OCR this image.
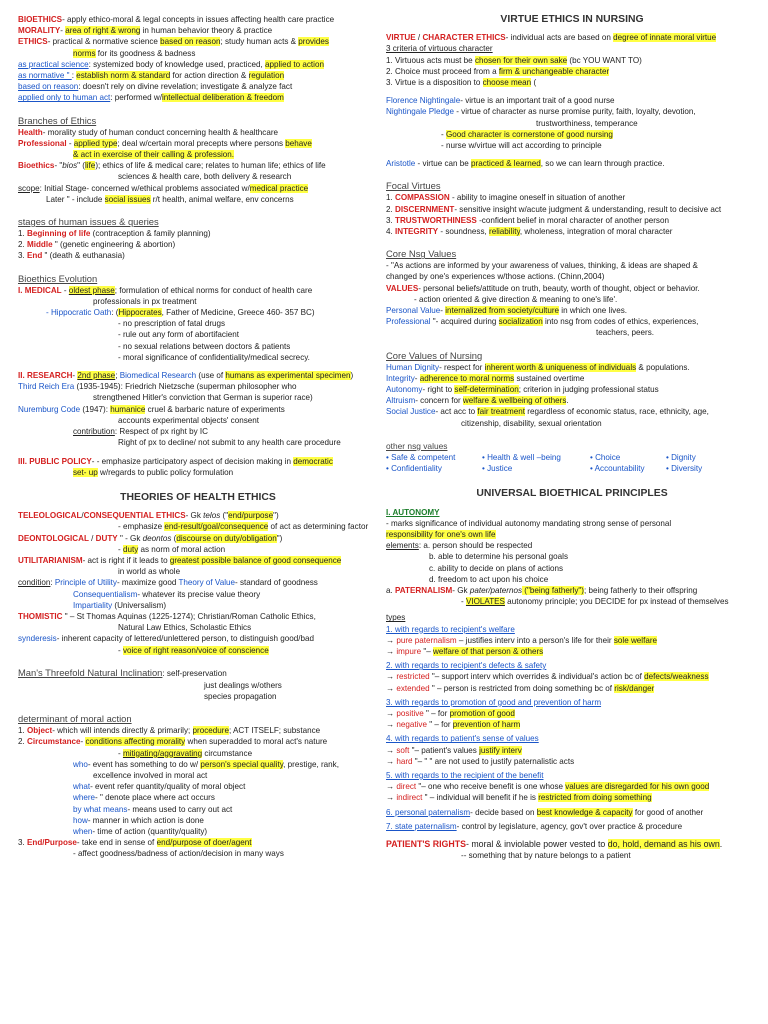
BIOETHICS- apply ethico-moral & legal concepts in issues affecting health care practice

MORALITY- area of right & wrong in human behavior theory & practice

ETHICS- practical & normative science based on reason; study human acts & provides

norms for its goodness & badness

as practical science: systemized body of knowledge used, practiced, applied to action

as normative " : establish norm & standard for action direction & regulation

based on reason: doesn't rely on divine revelation; investigate & analyze fact

applied only to human act: performed w/intellectual deliberation & freedom

Branches of Ethics

Health- morality study of human conduct concerning health & healthcare

Professional - applied type; deal w/certain moral precepts where persons behave

& act in exercise of their calling & profession.

Bioethics- "bios" (life); ethics of life & medical care; relates to human life; ethics of life

sciences & health care, both delivery & research

scope: Initial Stage- concerned w/ethical problems associated w/medical practice

Later " - include social issues r/t health, animal welfare, env concerns

stages of human issues & queries

1. Beginning of life (contraception & family planning)

2. Middle " (genetic engineering & abortion)

3. End " (death & euthanasia)

Bioethics Evolution

I. MEDICAL - oldest phase; formulation of ethical norms for conduct of health care

professionals in px treatment

- Hippocratic Oath: (Hippocrates, Father of Medicine, Greece 460- 357 BC)

- no prescription of fatal drugs

- rule out any form of abortifacient

- no sexual relations between doctors & patients

- moral significance of confidentiality/medical secrecy.

II. RESEARCH- 2nd phase; Biomedical Research (use of humans as experimental specimen)

Third Reich Era (1935-1945): Friedrich Nietzsche (superman philosopher who

strengthened Hitler's conviction that German is superior race)

Nuremburg Code (1947): humanice cruel & barbaric nature of experiments

accounts experimental objects' consent

contribution: Respect of px right by IC

Right of px to decline/ not submit to any health care procedure

III. PUBLIC POLICY- - emphasize participatory aspect of decision making in democratic

set- up w/regards to public policy formulation

THEORIES OF HEALTH ETHICS

TELEOLOGICAL/CONSEQUENTIAL ETHICS- Gk telos ("end/purpose")

- emphasize end-result/goal/consequence of act as determining factor

DEONTOLOGICAL / DUTY " - Gk deontos (discourse on duty/obligation")

- duty as norm of moral action

UTILITARIANISM- act is right if it leads to greatest possible balance of good consequence

in world as whole

condition: Principle of Utility- maximize good Theory of Value- standard of goodness

Consequentialism- whatever its precise value theory

Impartiality (Universalism)

THOMISTIC " – St Thomas Aquinas (1225-1274); Christian/Roman Catholic Ethics,

Natural Law Ethics, Scholastic Ethics

synderesis- inherent capacity of lettered/unlettered person, to distinguish good/bad

- voice of right reason/voice of conscience

Man's Threefold Natural Inclination: self-preservation

just dealings w/others

species propagation

determinant of moral action

1. Object- which will intends directly & primarily; procedure; ACT ITSELF; substance

2. Circumstance- conditions affecting morality when superadded to moral act's nature

- mitigating/aggravating circumstance

who- event has something to do w/ person's special quality, prestige, rank,

excellence involved in moral act

what- event refer quantity/quality of moral object

where- " denote place where act occurs

by what means- means used to carry out act

how- manner in which action is done

when- time of action (quantity/quality)

3. End/Purpose- take end in sense of end/purpose of doer/agent

- affect goodness/badness of action/decision in many ways

VIRTUE ETHICS IN NURSING

VIRTUE / CHARACTER ETHICS- individual acts are based on degree of innate moral virtue

3 criteria of virtuous character

1. Virtuous acts must be chosen for their own sake (bc YOU WANT TO)

2. Choice must proceed from a firm & unchangeable character

3. Virtue is a disposition to choose mean (

Florence Nightingale- virtue is an important trait of a good nurse

Nightingale Pledge - virtue of character as nurse promise purity, faith, loyalty, devotion,

trustworthiness, temperance

- Good character is cornerstone of good nursing

- nurse w/virtue will act according to principle

Aristotle - virtue can be practiced & learned, so we can learn through practice.

Focal Virtues

1. COMPASSION - ability to imagine oneself in situation of another

2. DISCERNMENT- sensitive insight w/acute judgment & understanding, result to decisive act

3. TRUSTWORTHINESS -confident belief in moral character of another person

4. INTEGRITY - soundness, reliability, wholeness, integration of moral character

Core Nsg Values

- "As actions are informed by your awareness of values, thinking, & ideas are shaped &

changed by one's experiences w/those actions. (Chinn,2004)

VALUES- personal beliefs/attitude on truth, beauty, worth of thought, object or behavior.

- action oriented & give direction & meaning to one's life'.

Personal Value- internalized from society/culture in which one lives.

Professional "- acquired during socialization into nsg from codes of ethics, experiences,

teachers, peers.

Core Values of Nursing

Human Dignity- respect for inherent worth & uniqueness of individuals & populations.

Integrity- adherence to moral norms sustained overtime

Autonomy- right to self-determination; criterion in judging professional status

Altruism- concern for welfare & wellbeing of others.

Social Justice- act acc to fair treatment regardless of economic status, race, ethnicity, age,

citizenship, disability, sexual orientation

other nsg values

• Safe & competent	• Health & well –being	• Choice	• Dignity
• Confidentiality	• Justice	• Accountability	• Diversity

UNIVERSAL BIOETHICAL PRINCIPLES

I. AUTONOMY

- marks significance of individual autonomy mandating strong sense of personal

responsibility for one's own life

elements: a. person should be respected

b. able to determine his personal goals

c. ability to decide on plans of actions

d. freedom to act upon his choice

a. PATERNALISM- Gk pater/paternos ("being fatherly"); being fatherly to their offspring

- VIOLATES autonomy principle; you DECIDE for px instead of themselves

types

1. with regards to recipient's welfare

→ pure paternalism – justifies interv into a person's life for their sole welfare

→ impure "– welfare of that person & others

2. with regards to recipient's defects & safety

→ restricted "– support interv which overrides & individual's action bc of defects/weakness

→ extended " – person is restricted from doing something bc of risk/danger

3. with regards to promotion of good and prevention of harm

→ positive " – for promotion of good

→ negative " – for prevention of harm

4. with regards to patient's sense of values

→ soft "– patient's values justify interv

→ hard "– " " are not used to justify paternalistic acts

5. with regards to the recipient of the benefit

→ direct "– one who receive benefit is one whose values are disregarded for his own good

→ indirect " – individual will benefit if he is restricted from doing something

6. personal paternalism- decide based on best knowledge & capacity for good of another

7. state paternalism- control by legislature, agency, gov't over practice & procedure

PATIENT'S RIGHTS- moral & inviolable power vested to do, hold, demand as his own.

-- something that by nature belongs to a patient
